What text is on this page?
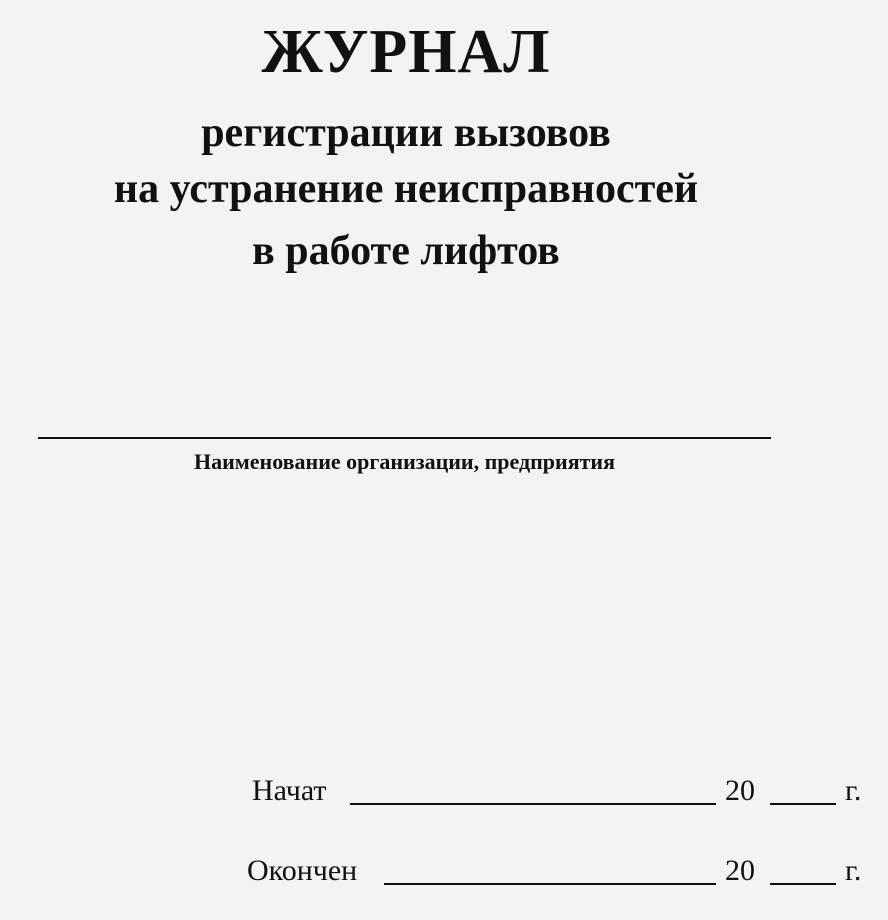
ЖУРНАЛ
регистрации вызовов
на устранение неисправностей
в работе лифтов
Наименование организации, предприятия
Начат	20	г.
Окончен	20	г.
